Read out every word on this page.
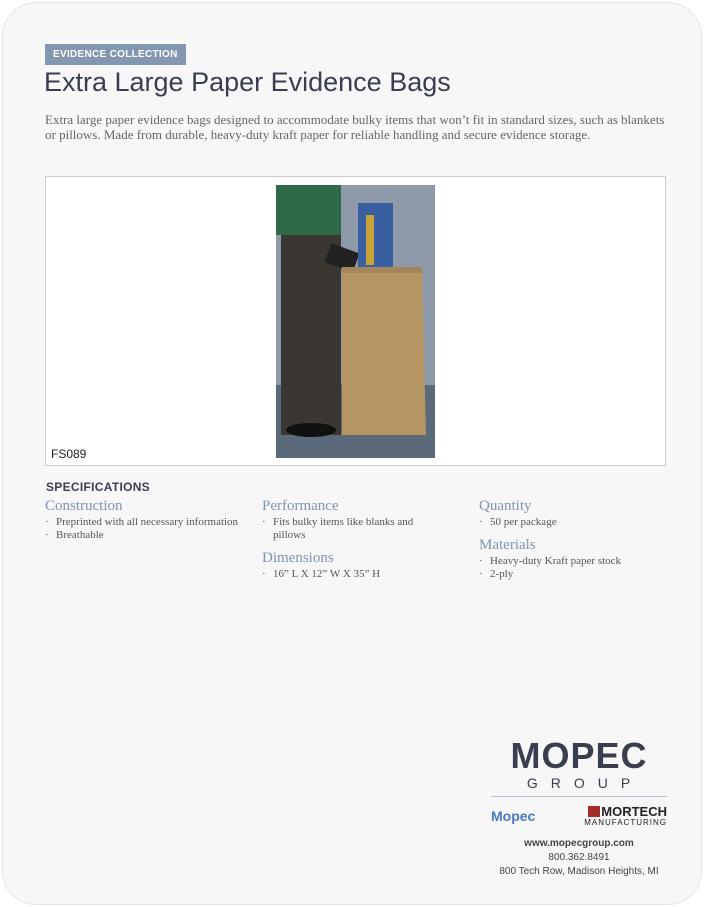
EVIDENCE COLLECTION
Extra Large Paper Evidence Bags
Extra large paper evidence bags designed to accommodate bulky items that won’t fit in standard sizes, such as blankets or pillows. Made from durable, heavy-duty kraft paper for reliable handling and secure evidence storage.
FS089
SPECIFICATIONS
Construction
· Preprinted with all necessary information
· Breathable
Performance
· Fits bulky items like blanks and pillows
Dimensions
· 16” L X 12” W X 35” H
Quantity
· 50 per package
Materials
· Heavy-duty Kraft paper stock
· 2-ply
MOPEC
GROUP
Mopec	MORTECH
MANUFACTURING
www.mopecgroup.com
800.362.8491
800 Tech Row, Madison Heights, MI
